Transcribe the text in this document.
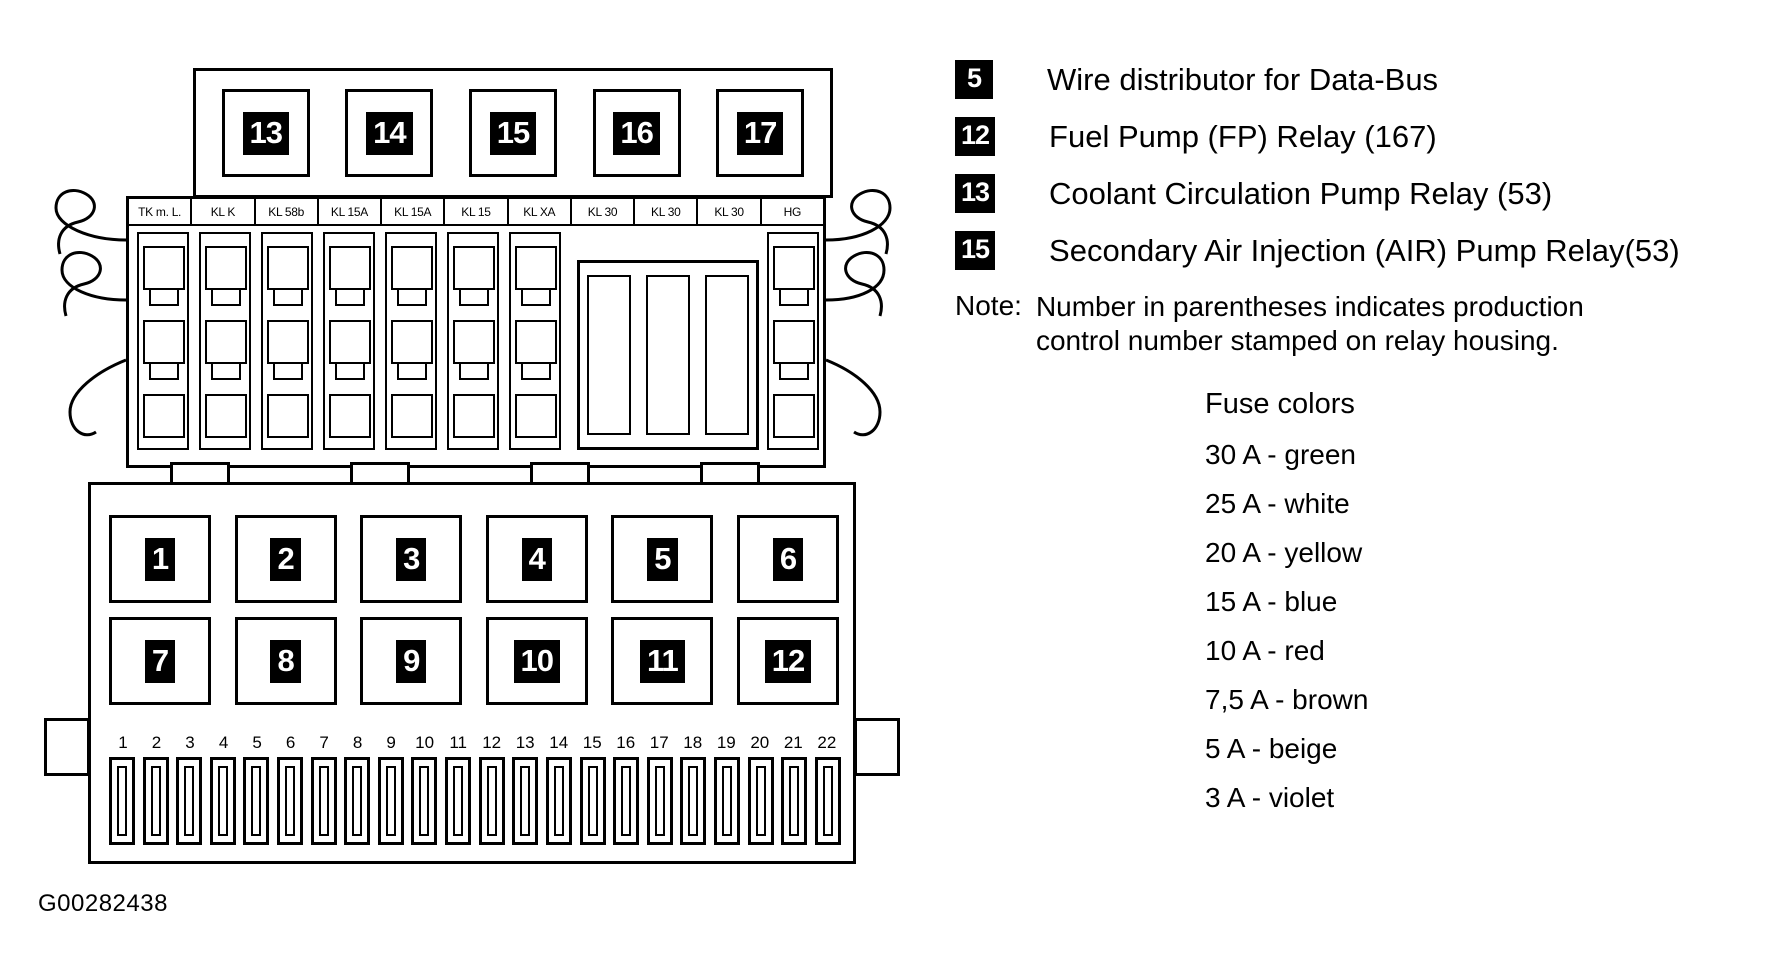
13	14	15	16	17
TK m. L.	KL K	KL 58b	KL 15A	KL 15A	KL 15	KL XA	KL 30	KL 30	KL 30	HG
1	2	3	4	5	6
7	8	9	10	11	12
1	2	3	4	5	6	7	8	9	10 11 12 13 14 15 16 17 18 19 20 21 22
G00282438
5	Wire distributor for Data-Bus
12 Fuel Pump (FP) Relay (167)
13 Coolant Circulation Pump Relay (53)
15 Secondary Air Injection (AIR) Pump Relay(53)
Note: Number in parentheses indicates production
control number stamped on relay housing.
Fuse colors
30 A - green
25 A - white
20 A - yellow
15 A - blue
10 A - red
7,5 A - brown
5 A - beige
3 A - violet
